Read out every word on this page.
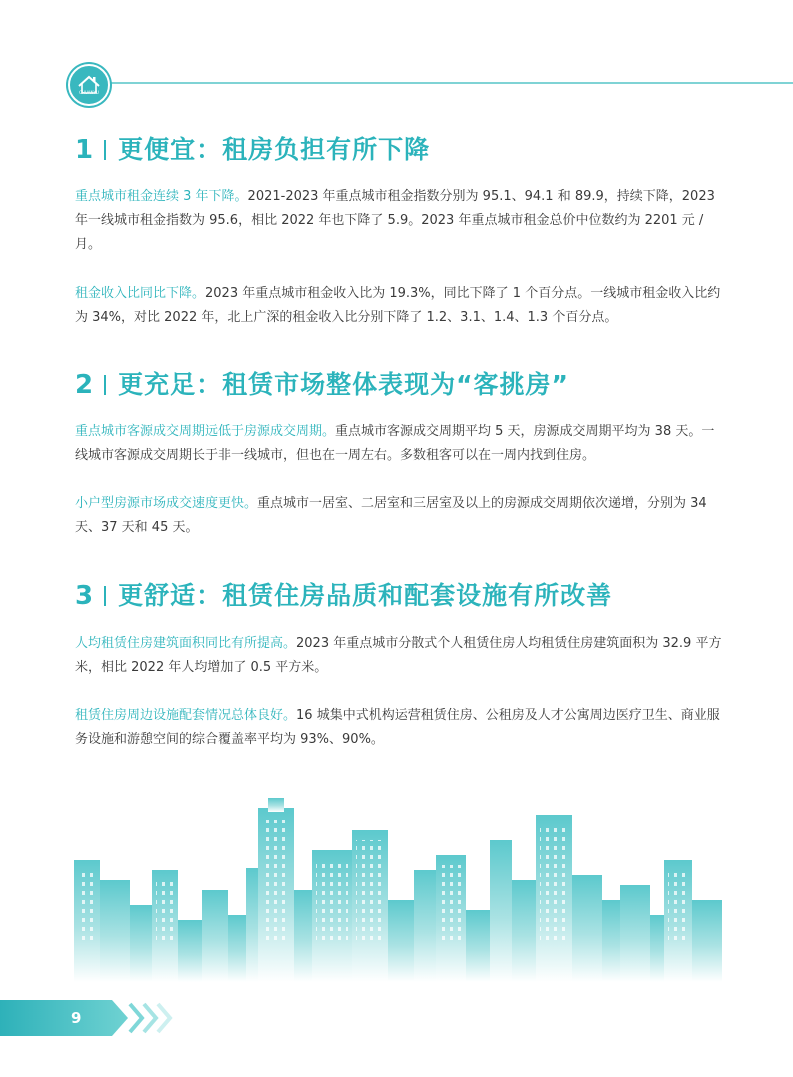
CHUANYU
1 更便宜：租房负担有所下降

重点城市租金连续 3 年下降。2021-2023 年重点城市租金指数分别为 95.1、94.1 和 89.9，持续下降，2023 年一线城市租金指数为 95.6，相比 2022 年也下降了 5.9。2023 年重点城市租金总价中位数约为 2201 元 / 月。

租金收入比同比下降。2023 年重点城市租金收入比为 19.3%，同比下降了 1 个百分点。一线城市租金收入比约为 34%，对比 2022 年，北上广深的租金收入比分别下降了 1.2、3.1、1.4、1.3 个百分点。

2 更充足：租赁市场整体表现为“客挑房”

重点城市客源成交周期远低于房源成交周期。重点城市客源成交周期平均 5 天，房源成交周期平均为 38 天。一线城市客源成交周期长于非一线城市，但也在一周左右。多数租客可以在一周内找到住房。

小户型房源市场成交速度更快。重点城市一居室、二居室和三居室及以上的房源成交周期依次递增，分别为 34 天、37 天和 45 天。

3 更舒适：租赁住房品质和配套设施有所改善

人均租赁住房建筑面积同比有所提高。2023 年重点城市分散式个人租赁住房人均租赁住房建筑面积为 32.9 平方米，相比 2022 年人均增加了 0.5 平方米。

租赁住房周边设施配套情况总体良好。16 城集中式机构运营租赁住房、公租房及人才公寓周边医疗卫生、商业服务设施和游憩空间的综合覆盖率平均为 93%、90%。

9
